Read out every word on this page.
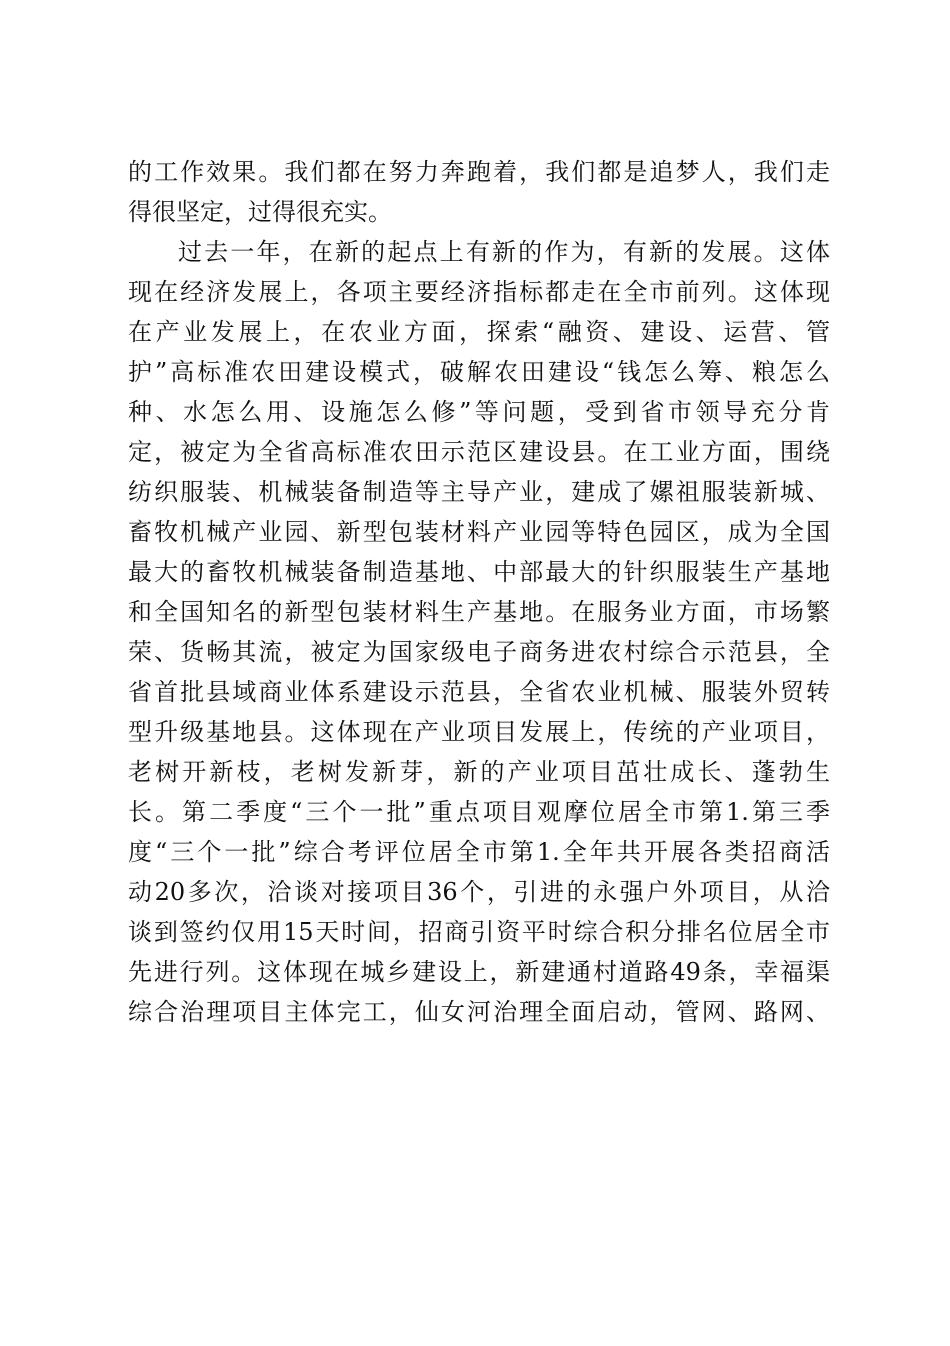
的工作效果。我们都在努力奔跑着，我们都是追梦人，我们走
得很坚定，过得很充实。
过去一年，在新的起点上有新的作为，有新的发展。这体
现在经济发展上，各项主要经济指标都走在全市前列。这体现
在产业发展上，在农业方面，探索“融资、建设、运营、管
护”高标准农田建设模式，破解农田建设“钱怎么筹、粮怎么
种、水怎么用、设施怎么修”等问题，受到省市领导充分肯
定，被定为全省高标准农田示范区建设县。在工业方面，围绕
纺织服装、机械装备制造等主导产业，建成了嫘祖服装新城、
畜牧机械产业园、新型包装材料产业园等特色园区，成为全国
最大的畜牧机械装备制造基地、中部最大的针织服装生产基地
和全国知名的新型包装材料生产基地。在服务业方面，市场繁
荣、货畅其流，被定为国家级电子商务进农村综合示范县，全
省首批县域商业体系建设示范县，全省农业机械、服装外贸转
型升级基地县。这体现在产业项目发展上，传统的产业项目，
老树开新枝，老树发新芽，新的产业项目茁壮成长、蓬勃生
长。第二季度“三个一批”重点项目观摩位居全市第1.第三季
度“三个一批”综合考评位居全市第1.全年共开展各类招商活
动20多次，洽谈对接项目36个，引进的永强户外项目，从洽
谈到签约仅用15天时间，招商引资平时综合积分排名位居全市
先进行列。这体现在城乡建设上，新建通村道路49条，幸福渠
综合治理项目主体完工，仙女河治理全面启动，管网、路网、
